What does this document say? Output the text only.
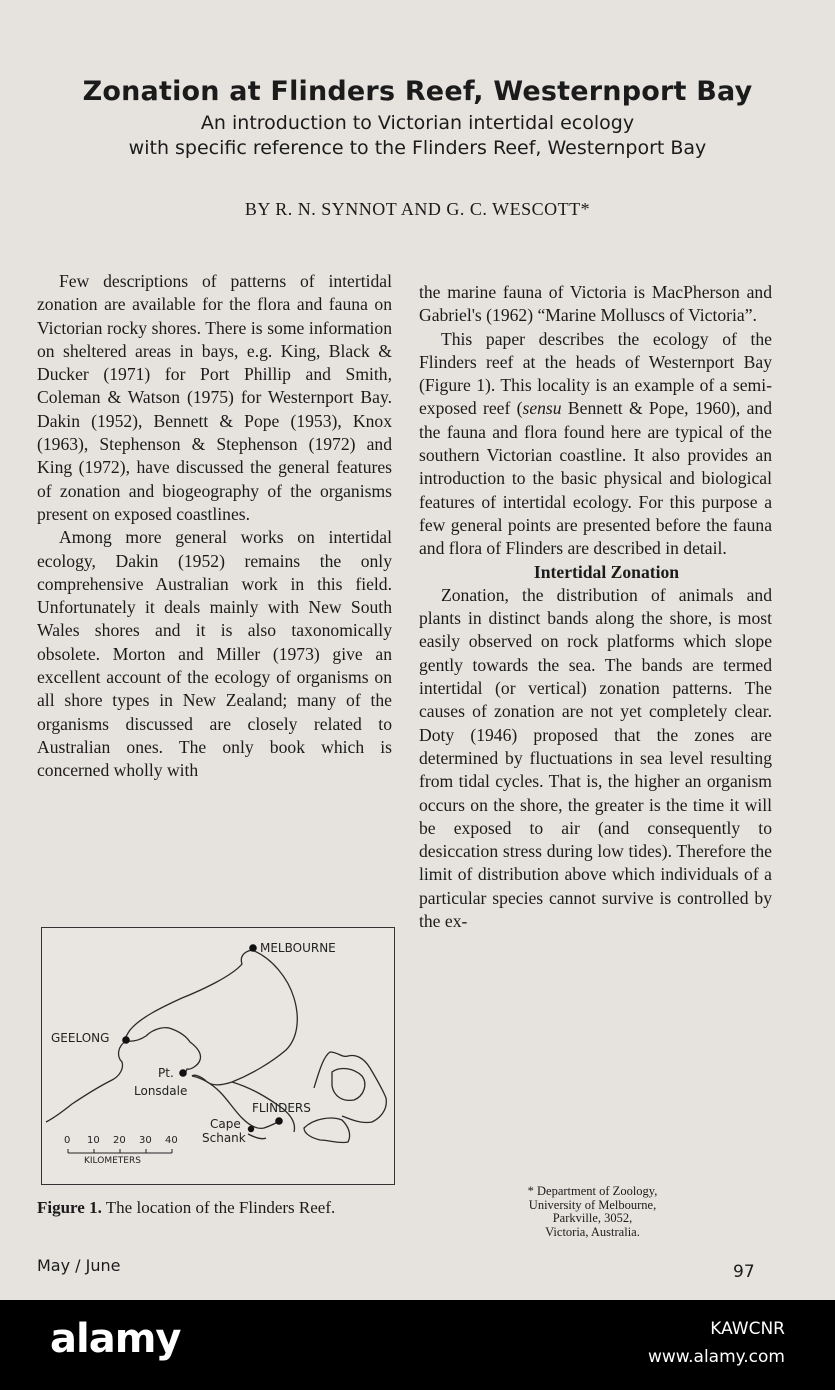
Zonation at Flinders Reef, Westernport Bay
An introduction to Victorian intertidal ecology
with specific reference to the Flinders Reef, Westernport Bay
BY R. N. SYNNOT AND G. C. WESCOTT*

Few descriptions of patterns of intertidal zonation are available for the flora and fauna on Victorian rocky shores. There is some information on sheltered areas in bays, e.g. King, Black & Ducker (1971) for Port Phillip and Smith, Coleman & Watson (1975) for Westernport Bay. Dakin (1952), Bennett & Pope (1953), Knox (1963), Stephenson & Stephenson (1972) and King (1972), have discussed the general features of zonation and biogeography of the organisms present on exposed coastlines.

Among more general works on intertidal ecology, Dakin (1952) remains the only comprehensive Australian work in this field. Unfortunately it deals mainly with New South Wales shores and it is also taxonomically obsolete. Morton and Miller (1973) give an excellent account of the ecology of organisms on all shore types in New Zealand; many of the organisms discussed are closely related to Australian ones. The only book which is concerned wholly with

the marine fauna of Victoria is MacPherson and Gabriel's (1962) “Marine Molluscs of Victoria”.

This paper describes the ecology of the Flinders reef at the heads of Westernport Bay (Figure 1). This locality is an example of a semi-exposed reef (sensu Bennett & Pope, 1960), and the fauna and flora found here are typical of the southern Victorian coastline. It also provides an introduction to the basic physical and biological features of intertidal ecology. For this purpose a few general points are presented before the fauna and flora of Flinders are described in detail.

Intertidal Zonation

Zonation, the distribution of animals and plants in distinct bands along the shore, is most easily observed on rock platforms which slope gently towards the sea. The bands are termed intertidal (or vertical) zonation patterns. The causes of zonation are not yet completely clear. Doty (1946) proposed that the zones are determined by fluctuations in sea level resulting from tidal cycles. That is, the higher an organism occurs on the shore, the greater is the time it will be exposed to air (and consequently to desiccation stress during low tides). Therefore the limit of distribution above which individuals of a particular species cannot survive is controlled by the ex-

MELBOURNE
GEELONG
Pt.
Lonsdale
FLINDERS
Cape
Schank
0 10 20 30 40
KILOMETERS
Figure 1. The location of the Flinders Reef.
* Department of Zoology,
University of Melbourne,
Parkville, 3052,
Victoria, Australia.
May / June	97
alamy	KAWCNR
www.alamy.com
